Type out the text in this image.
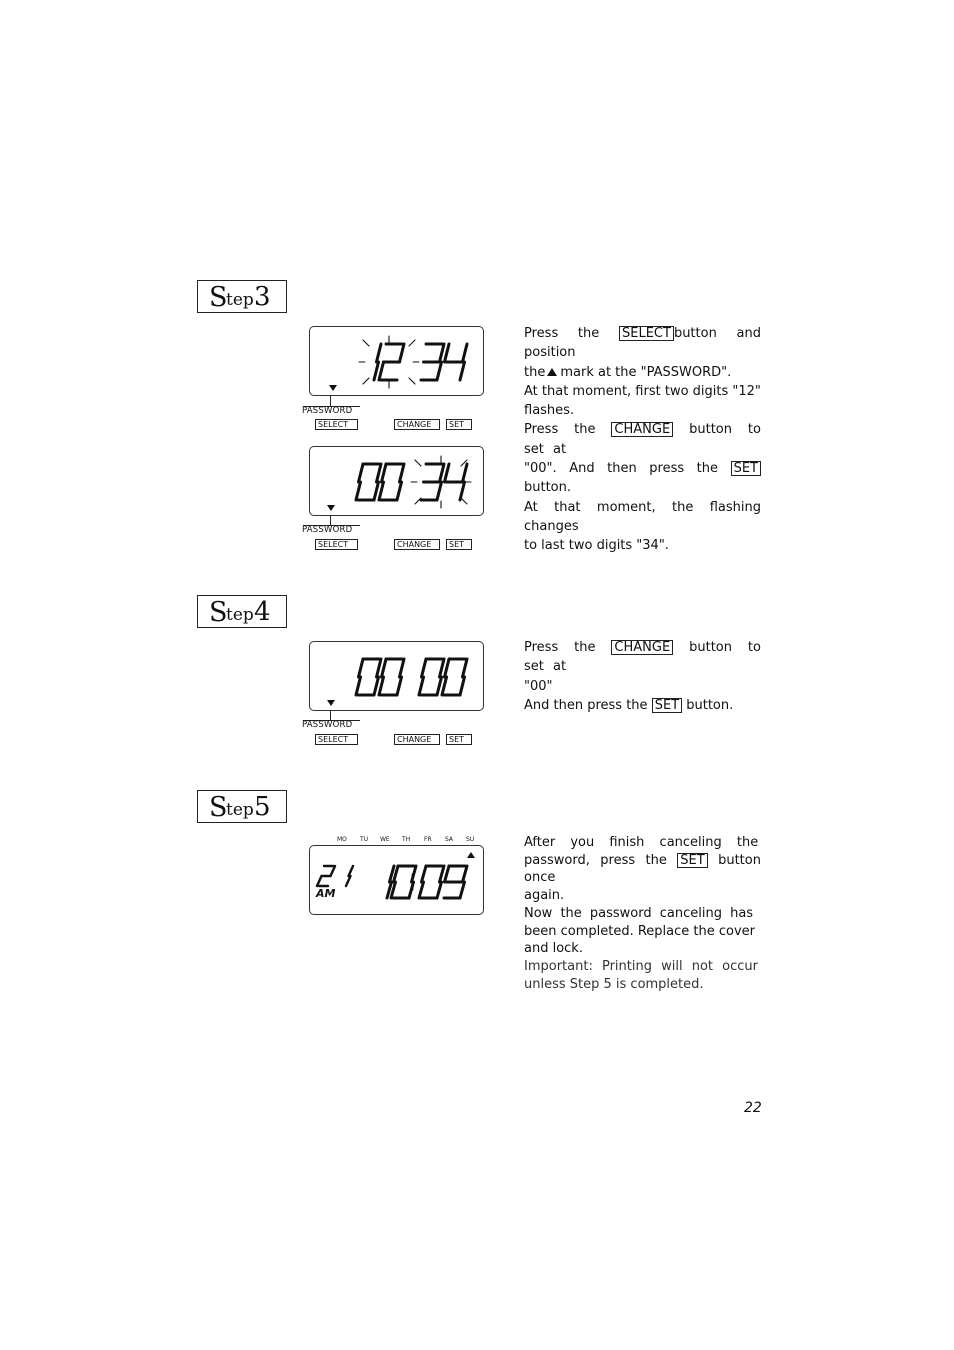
S
tep 3
PASSWORD
SELECT	CHANGE	SET
PASSWORD
SELECT	CHANGE	SET
Press the SELECT button and position
the mark at the "PASSWORD".
At that moment, first two digits "12"
flashes.
Press the CHANGE button to set at
"00". And then press the SET button.
At that moment, the flashing changes
to last two digits "34".
S
tep 4
PASSWORD
SELECT	CHANGE	SET
Press the CHANGE button to set at
"00"
And then press the SET button.
S
tep 5
MO TU WE TH FR SA SU
AM
After you finish canceling the
password, press the SET button once
again.
Now the password canceling has
been completed. Replace the cover
and lock.
Important: Printing will not occur
unless Step 5 is completed.
22
